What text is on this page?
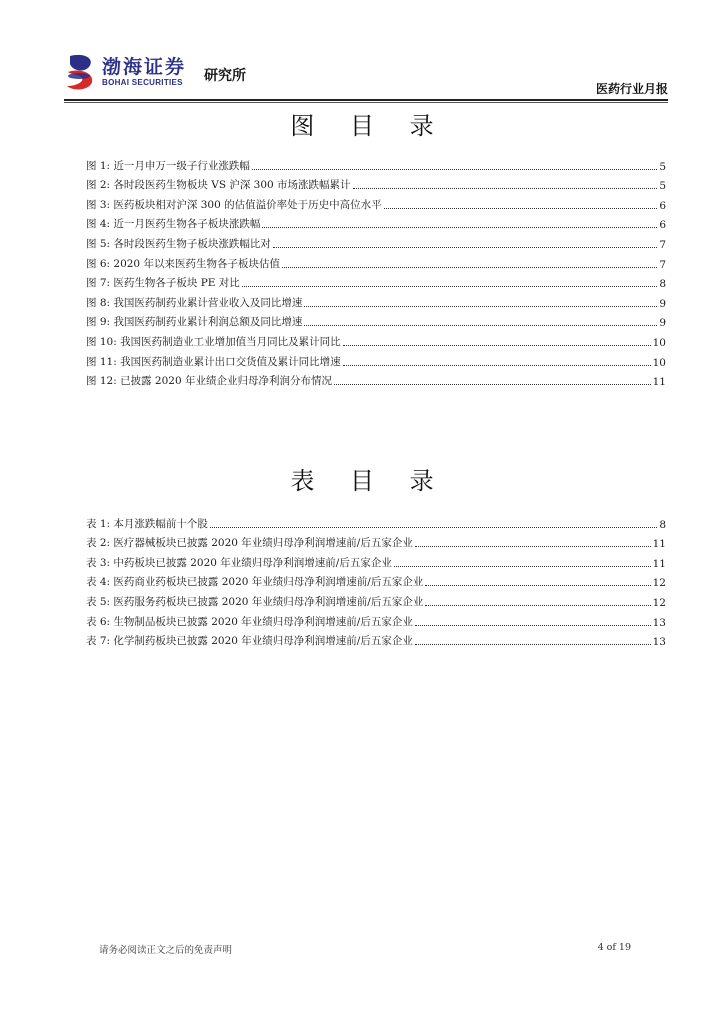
渤海证券
BOHAI SECURITIES 研究所
医药行业月报
图 目 录
图 1: 近一月申万一级子行业涨跌幅	5
图 2: 各时段医药生物板块 VS 沪深 300 市场涨跌幅累计	5
图 3: 医药板块相对沪深 300 的估值溢价率处于历史中高位水平	6
图 4: 近一月医药生物各子板块涨跌幅	6
图 5: 各时段医药生物子板块涨跌幅比对	7
图 6: 2020 年以来医药生物各子板块估值	7
图 7: 医药生物各子板块 PE 对比	8
图 8: 我国医药制药业累计营业收入及同比增速	9
图 9: 我国医药制药业累计利润总额及同比增速	9
图 10: 我国医药制造业工业增加值当月同比及累计同比	10
图 11: 我国医药制造业累计出口交货值及累计同比增速	10
图 12: 已披露 2020 年业绩企业归母净利润分布情况	11
表 目 录
表 1: 本月涨跌幅前十个股	8
表 2: 医疗器械板块已披露 2020 年业绩归母净利润增速前/后五家企业	11
表 3: 中药板块已披露 2020 年业绩归母净利润增速前/后五家企业	11
表 4: 医药商业药板块已披露 2020 年业绩归母净利润增速前/后五家企业	12
表 5: 医药服务药板块已披露 2020 年业绩归母净利润增速前/后五家企业	12
表 6: 生物制品板块已披露 2020 年业绩归母净利润增速前/后五家企业	13
表 7: 化学制药板块已披露 2020 年业绩归母净利润增速前/后五家企业	13
请务必阅读正文之后的免责声明	4 of 19
